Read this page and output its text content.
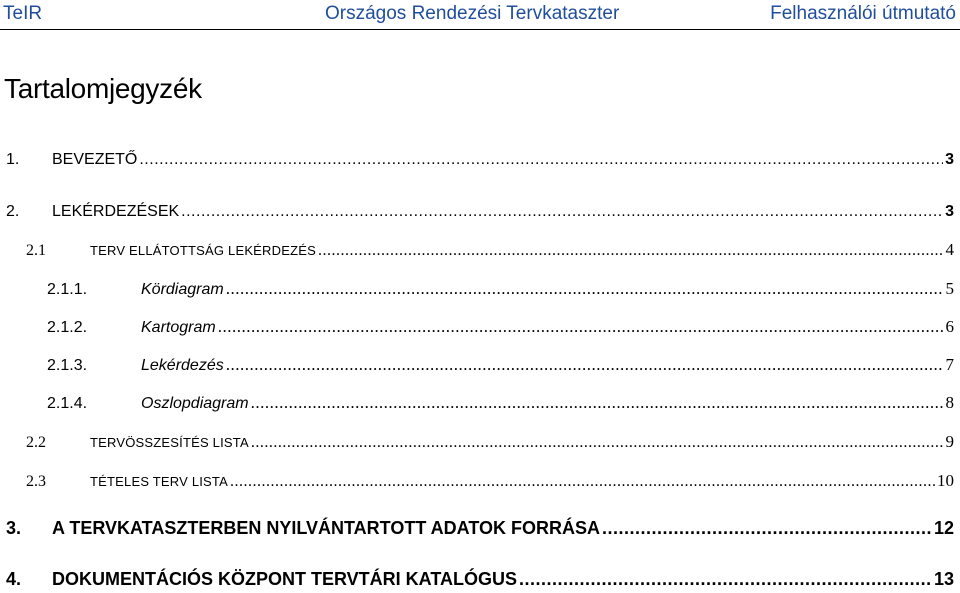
TeIR	Országos Rendezési Tervkataszter	Felhasználói útmutató
Tartalomjegyzék
1.	BEVEZETŐ .....	3
2.	LEKÉRDEZÉSEK .....	3
2.1	TERV ELLÁTOTTSÁG LEKÉRDEZÉS .....	4
2.1.1.	Kördiagram .....	5
2.1.2.	Kartogram .....	6
2.1.3.	Lekérdezés .....	7
2.1.4.	Oszlopdiagram .....	8
2.2	TERVÖSSZESÍTÉS LISTA .....	9
2.3	TÉTELES TERV LISTA .....	10
3.	A TERVKATASZTERBEN NYILVÁNTARTOTT ADATOK FORRÁSA .....	12
4.	DOKUMENTÁCIÓS KÖZPONT TERVTÁRI KATALÓGUS .....	13
